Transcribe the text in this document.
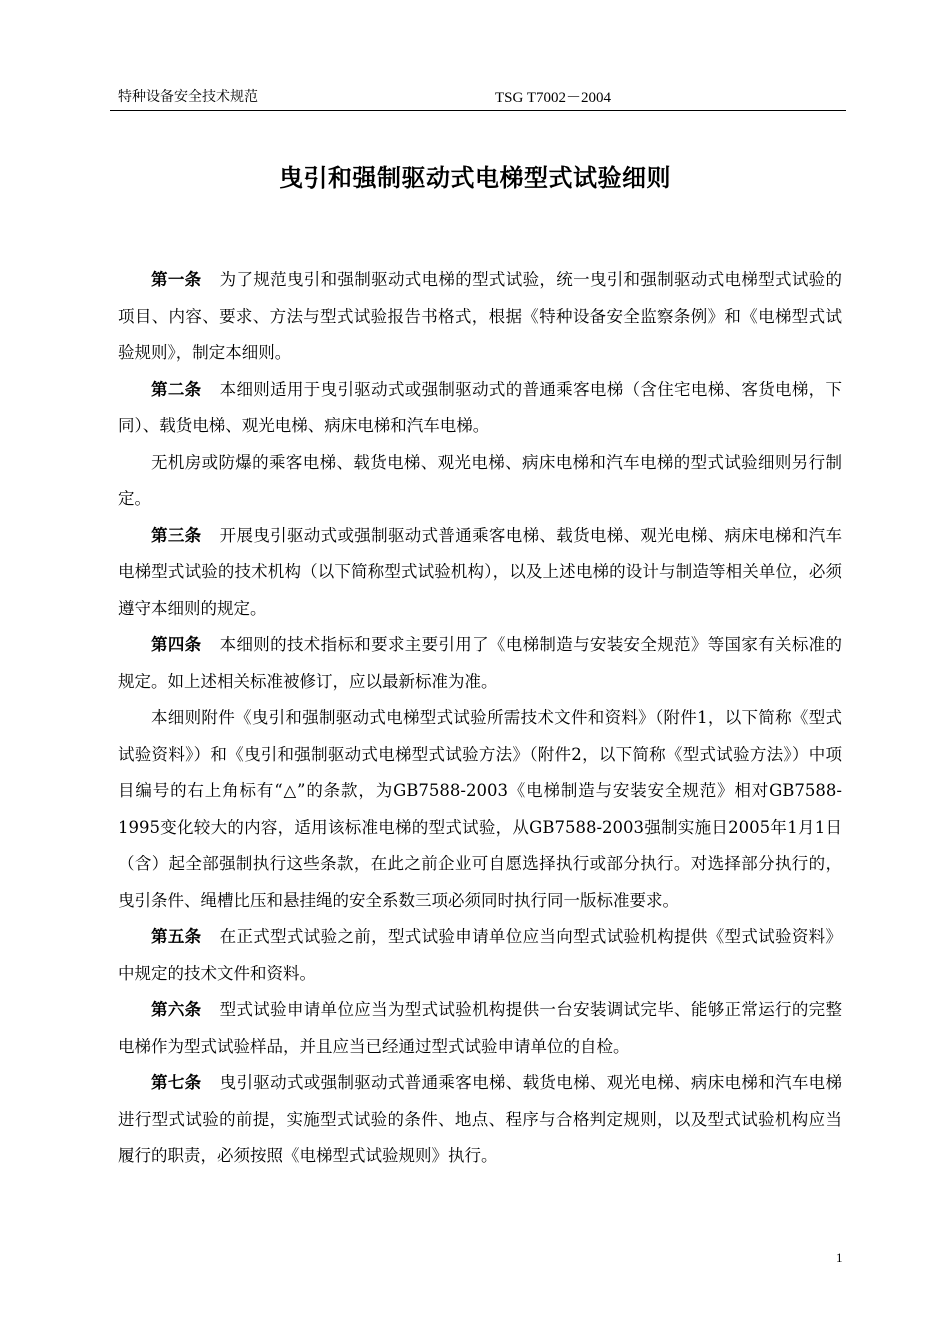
特种设备安全技术规范	TSG T7002－2004
曳引和强制驱动式电梯型式试验细则

第一条 为了规范曳引和强制驱动式电梯的型式试验，统一曳引和强制驱动式电梯型式试验的项目、内容、要求、方法与型式试验报告书格式，根据《特种设备安全监察条例》和《电梯型式试验规则》，制定本细则。

第二条 本细则适用于曳引驱动式或强制驱动式的普通乘客电梯（含住宅电梯、客货电梯，下同）、载货电梯、观光电梯、病床电梯和汽车电梯。

无机房或防爆的乘客电梯、载货电梯、观光电梯、病床电梯和汽车电梯的型式试验细则另行制定。

第三条 开展曳引驱动式或强制驱动式普通乘客电梯、载货电梯、观光电梯、病床电梯和汽车电梯型式试验的技术机构（以下简称型式试验机构），以及上述电梯的设计与制造等相关单位，必须遵守本细则的规定。

第四条 本细则的技术指标和要求主要引用了《电梯制造与安装安全规范》等国家有关标准的规定。如上述相关标准被修订，应以最新标准为准。

本细则附件《曳引和强制驱动式电梯型式试验所需技术文件和资料》（附件1，以下简称《型式试验资料》）和《曳引和强制驱动式电梯型式试验方法》（附件2，以下简称《型式试验方法》）中项目编号的右上角标有“△”的条款，为GB7588-2003《电梯制造与安装安全规范》相对GB7588-1995变化较大的内容，适用该标准电梯的型式试验，从GB7588-2003强制实施日2005年1月1日（含）起全部强制执行这些条款，在此之前企业可自愿选择执行或部分执行。对选择部分执行的，曳引条件、绳槽比压和悬挂绳的安全系数三项必须同时执行同一版标准要求。

第五条 在正式型式试验之前，型式试验申请单位应当向型式试验机构提供《型式试验资料》中规定的技术文件和资料。

第六条 型式试验申请单位应当为型式试验机构提供一台安装调试完毕、能够正常运行的完整电梯作为型式试验样品，并且应当已经通过型式试验申请单位的自检。

第七条 曳引驱动式或强制驱动式普通乘客电梯、载货电梯、观光电梯、病床电梯和汽车电梯进行型式试验的前提，实施型式试验的条件、地点、程序与合格判定规则，以及型式试验机构应当履行的职责，必须按照《电梯型式试验规则》执行。

1
